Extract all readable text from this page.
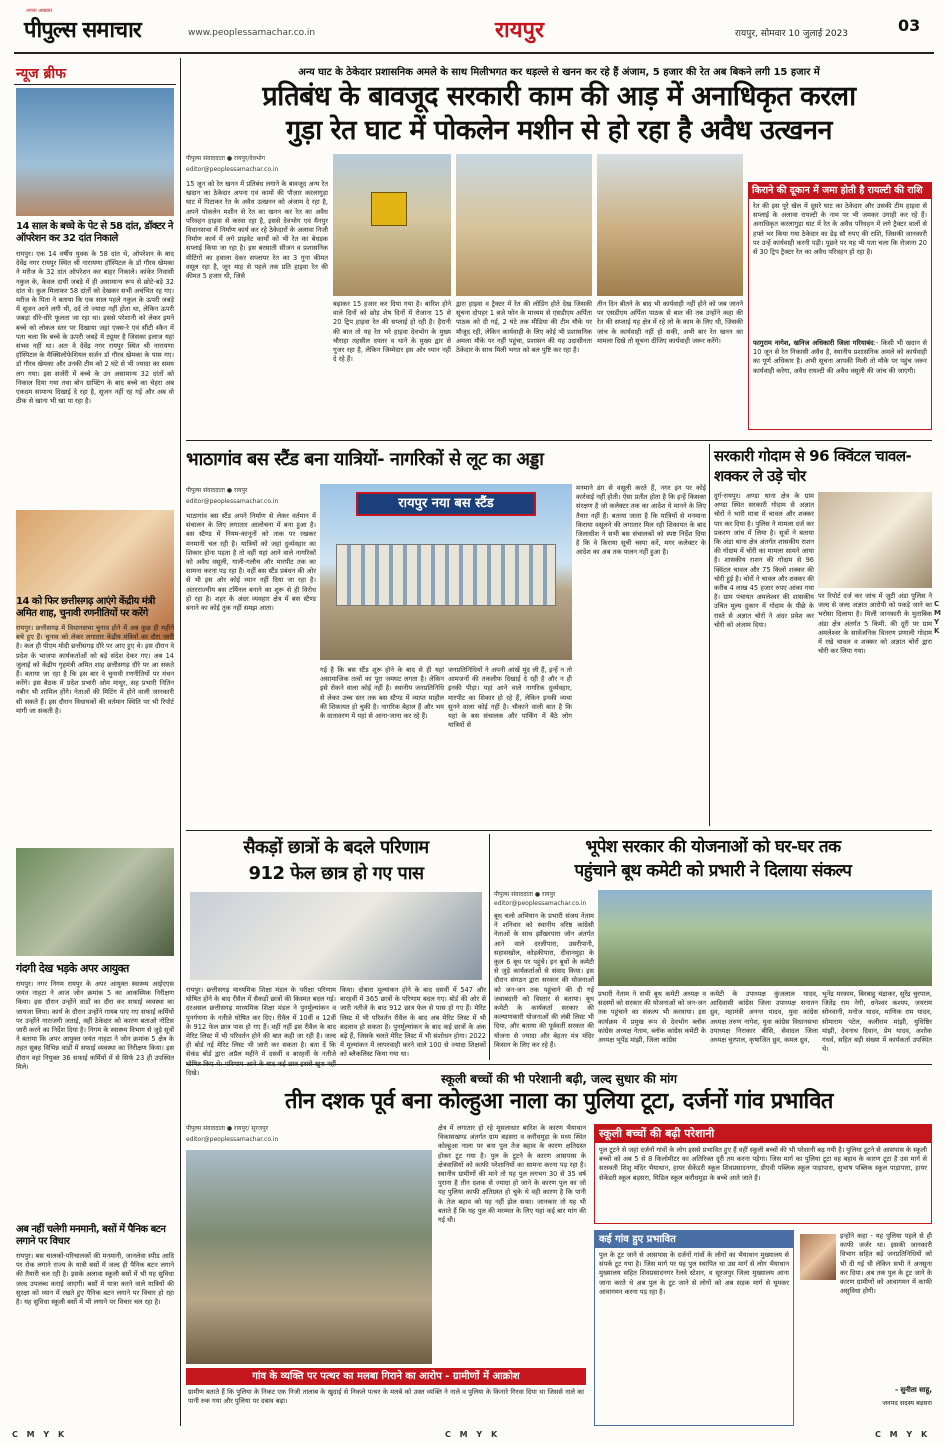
अपना अखबार
पीपुल्स समाचार	www.peoplessamachar.co.in	रायपुर	रायपुर, सोमवार 10 जुलाई 2023	03
न्यूज ब्रीफ
14 साल के बच्चे के पेट से 58 दांत, डॉक्टर ने ऑपरेशन कर 32 दांत निकाले
रायपुर। एक 14 वर्षीय युवक के 58 दांत थे, ऑपरेशन के बाद देवेंद्र नगर रायपुर स्थित श्री नारायणा हॉस्पिटल के डॉ गौरव खेमका ने मरीज के 32 दांत ऑपरेशन कर बाहर निकाले। कांकेर निवासी नकुल के, केवल दायीं जबड़े में ही असामान्य रूप से छोटे-बड़े 32 दांत थे। कुल मिलाकर 58 दांतों को देखकर सभी अचंभित रह गए। मरीज के पिता ने बताया कि एक साल पहले नकुल के ऊपरी जबड़े में सूजन आने लगी थी, दर्द तो ज्यादा नहीं होता था, लेकिन ऊपरी जबड़ा धीरे-धीरे फूलता जा रहा था। इससे परेशानी को लेकर इमने बच्चे को लोकल स्तर पर दिखाया जहां एक्स-रे एवं सीटी स्कैन में पता चला कि बच्चे के ऊपरी जबड़े में ट्यूमर है जिसका इलाज यहां संभव नहीं था। अतः वे देवेंद्र नगर रायपुर स्थित श्री नारायणा हॉस्पिटल के मैक्सिलोफेशियल सर्जन डॉ गौरव खेमका के पास गए। डॉ गौरव खेमका और उनकी टीम को 2 घंटे से भी ज्यादा का समय लग गया। इस सर्जरी में बच्चे के उन असामान्य 32 दांतों को निकाल दिया गया तथा बोन ग्राफ्टिंग के बाद बच्चे का चेहरा अब एकदम सामान्य दिखाई दे रहा है, सूजन नहीं रह गई और अब वो ठीक से खाना भी खा पा रहा है।
14 को फिर छत्तीसगढ़ आएंगे केंद्रीय मंत्री अमित शाह, चुनावी रणनीतियों पर करेंगे
रायपुर। छत्तीसगढ़ में विधानसभा चुनाव होने में अब कुछ ही महीने बचे हुए हैं। चुनाव को लेकर लगातार केंद्रीय मंत्रियों का दौरा जारी है। कल ही पीएम मोदी छत्तीसगढ़ दौरे पर आए हुए थे। इस दौरान वे प्रदेश के भाजपा कार्यकर्ताओं को बड़े संदेश देकर गए। अब 14 जुलाई को केंद्रीय गृहमंत्री अमित शाह छत्तीसगढ़ दौरे पर आ सकते हैं। बताया जा रहा है कि इस बार वे चुनावी रणनीतियों पर मंथन करेंगे। इस बैठक में प्रदेश प्रभारी ओम माथुर, सह प्रभारी नितिन नबीन भी शामिल होंगे। नेताओं की मिटिंग में होने वाली जानकारी सी सकते हैं। इस दौरान विधायकों की वर्तमान स्थिति पर भी रिपोर्ट मांगी जा सकती है।
गंदगी देख भड़के अपर आयुक्त
रायपुर। नगर निगम रायपुर के अपर आयुक्त स्वास्थ्य आईएएस जयंत नाहटा ने आज जोन क्रमांक 5 का आकस्मिक निरीक्षण किया। इस दौरान उन्होंने वार्डों का दौरा कर सफाई व्यवस्था का जायजा लिया। कार्य के दौरान उन्होंने गायब पाए गए सफाई कर्मियों पर उन्होंने नाराजगी जताई, वहीं ठेकेदार को कारण बताओ नोटिस जारी करने का निर्देश दिया है। निगम के स्वास्थ्य विभाग से जुड़े सूत्रों ने बताया कि अपर आयुक्त जयंत नाहटा ने जोन क्रमांक 5 क्षेत्र के तहत सुबह विभिन्न वार्डों में सफाई व्यवस्था का निरीक्षण किया। इस दौरान वहां नियुक्त 36 सफाई कर्मियों में से सिर्फ 23 ही उपस्थित मिले।
अब नहीं चलेगी मनमानी, बसों में पैनिक बटन लगाने पर विचार
रायपुर। बस चालकों-परिचालकों की मनमानी, जानलेवा स्पीड आदि पर रोक लगाने राज्य के यात्री बसों में जल्द ही पैनिक बटन लगाने की तैयारी चल रही है। इसके अलावा स्कूली बसों में भी यह सुविधा जल्द उपलब्ध कराई जाएगी। बसों में यात्रा करने वाले यात्रियों की सुरक्षा को ध्यान में रखते हुए पैनिक बटन लगाने पर विचार हो रहा है। यह सुविधा स्कूली बसों में भी लगाने पर विचार चल रहा है।
अन्य घाट के ठेकेदार प्रशासनिक अमले के साथ मिलीभगत कर धड़ल्ले से खनन कर रहे हैं अंजाम, 5 हजार की रेत अब बिकने लगी 15 हजार में
प्रतिबंध के बावजूद सरकारी काम की आड़ में अनाधिकृत करला
गुड़ा रेत घाट में पोकलेन मशीन से हो रहा है अवैध उत्खनन
पीपुल्स संवाददाता ● रायपुर/देवभोग
editor@peoplessamachar.co.in
15 जून को रेत खनन में प्रतिबंध लगाने के बावजूद अन्य रेत खदान का ठेकेदार अपना एवं कामों की पौज़ार करलागुड़ा घाट में पिटाकर रेत के अवैध उत्खनन को अंजाम दे रहा है, अपने पोकलेन मशीन से रेत का खनन कर रेत का अवैध परिवहन हाइवा से करवा रहा है, इससे देवभोग एवं मैनपुर विधानसभा में निर्माण कार्य कर रहे ठेकेदारों के अलावा निजी निर्माण कार्य में लगे प्राइवेट कार्यों को भी रेत का बेधड़क सप्लाई किया जा रहा है। इस बरसाती सीजन व प्रशासनिक मीटिंगों का हवाला देकर सप्लायर रेत का 3 गुना कीमत वसूल रहा है, जून माह से पहले तक प्रति हाइवा रेत की कीमत 5 हजार थी, जिसे
बढ़ाकर 15 हजार कर दिया गया है। बारिश होने वाले दिनों को छोड़ शेष दिनों में रोजाना 15 से 20 ट्रिप हाइवा रेत की सप्लाई हो रही है। हैरानी की बात तो यह रेत भरे हाइवा देवभोग के मुख्य चौराहा तहसील दफ्तर व थाने के मुख्य द्वार से गुजर रहा है, लेकिन जिम्मेदार इस ओर ध्यान नहीं दे रहे हैं।
द्वारा हाइवा व ट्रैक्टर में रेत की लोडिंग होते देख जिसकी सूचना दोपहर 1 बजे फोन के माध्यम से एसडीएम अर्पिता पाठक को दी गई, 2 घंटे तक मीडिया की टीम मौके पर मौजूद रही, लेकिन कार्यवाही के लिए कोई भी प्रशासनिक अमला मौके पर नहीं पहुंचा, प्रशासन की यह उदासीनता ठेकेदार के साथ मिली भगत को बल पुष्टि कर रहा है।
तीन दिन बीतने के बाद भी कार्यवाही नहीं होने को जब जानने पर एसडीएम अर्पिता पाठक से बात की तब उन्होंने कहा की रेत की सप्लाई यह क्षेत्र में रहे लो के काम के लिए थी, जिसकी जांच के कार्यवाही नहीं हो सकी, अभी बार रेत खनन का मामला दिखे तो सूचना दीजिए कार्यवाही जरूर करेंगे।
किराने की दूकान में जमा होती है रायल्टी की राशि
रेत की इस पूरे खेल में दूसरे घाट का ठेकेदार और उसकी टीम हाइवा से सप्लाई के अलावा रायल्टी के नाम पर भी जमकर उगाही कर रहे हैं। अनाधिकृत करलागुड़ा घाट में रेत के अवैध परिवहन में लगे ट्रैक्टर वालों से हफ्ते भर किया गया ठेकेदार का डेढ़ सौ रुपए की राशि, जिसकी जानकारी पर उन्हें कार्यवाही करनी पड़ी। पूछने पर यह भी पता चला कि रोजाना 20 से 30 ट्रिप ट्रैक्टर रेत का अवैध परिवहन हो रहा है।
फागुराम नागेश, खनिज अधिकारी जिला गरियाबंद:- किसी भी खदान से 10 जून से रेत निकासी अवैध है, स्थानीय प्रशासनिक अमले को कार्यवाही का पूर्ण अधिकार है। अभी सूचना आपकी मिली तो मौके पर पहुंच जरूर कार्यवाही करेगा, अवैध रायल्टी की अवैध वसूली की जांच की जाएगी।
भाठागांव बस स्टैंड बना यात्रियों- नागरिकों से लूट का अड्डा
पीपुल्स संवाददाता ● रायपुर
editor@peoplessamachar.co.in
भाठागांव बस स्टैंड अपने निर्माण से लेकर वर्तमान में संचालन के लिए लगातार आलोचना में बना हुआ है। बस स्टैण्ड में नियम-कानूनों को ताक पर रखकर मनमानी चल रही है। यात्रियों को जहां दुर्व्यवहार का शिकार होना पड़ता है तो वहीं यहां आने वाले नागरिकों को अवैध वसूली, गाली-गलौच और मारपीट तक का सामना करना पड़ रहा है। वहीं बस स्टैंड प्रबंधन की ओर से भी इस ओर कोई ध्यान नहीं दिया जा रहा है। अंतरराज्यीय बस टर्मिनल बनाने का शुरू से ही विरोध हो रहा है। शहर के अंदर व्यवहार क्षेत्र में बस स्टैण्ड बनाने का कोई तुक नहीं समझ आता।
रायपुर नया बस स्टैंड
गई है कि बस स्टैंड शुरू होने के बाद से ही यहां असामाजिक तत्वों का पूरा जमघट लगता है। लेकिन इसे रोकने वाला कोई नहीं है। स्थानीय जनप्रतिनिधि से लेकर उच्च स्तर तक बस स्टैण्ड में व्याप्त माहौल की शिकायत हो चुकी है। नागरिक बेहाल हैं और भय के वातावरण में यहां से आना-जाना कर रहे हैं।
जनप्रतिनिधियों ने अपनी आंखें मूंद ली हैं, इन्हें न तो आमजनों की तकलीफ दिखाई दे रही है और न ही इनकी पीड़ा। यहां आने वाले नागरिक दुर्व्यवहार, मारपीट का शिकार हो रहे हैं, लेकिन इनकी व्यथा सुनने वाला कोई नहीं है। चौकाने वाली बात है कि यहां के बस संचालक और पार्किंग में बैठे लोग यात्रियों से
मनमाने ढंग से वसूली करते हैं, नगर इन पर कोई कार्रवाई नहीं होती। ऐसा प्रतीत होता है कि इन्हें किसका संरक्षण है जो कलेक्टर तक का आदेश ये मानने के लिए तैयार नहीं हैं। बताया जाता है कि यात्रियों से मनमाना किराया वसूलने की लगातार मिल रही शिकायत के बाद जिलाधीश ने सभी बस संचालकों को स्पष्ट निर्देश दिया है कि वे किराया सूची चस्पा करें, मगर कलेक्टर के आदेश का अब तक पालन नहीं हुआ है।
सरकारी गोदाम से 96 क्विंटल चावल-शक्कर ले उड़े चोर
दुर्ग-रायपुर। अण्डा थाना क्षेत्र के ग्राम अण्डा स्थित सरकारी गोदाम से अज्ञात चोरों ने भारी मात्रा में चावल और शक्कर पार कर दिया है। पुलिस ने मामला दर्ज कर प्रकरण जांच में लिया है। सूत्रों ने बताया कि अंडा थाना क्षेत्र अंतर्गत शासकीय राशन की गोदाम में चोरी का मामला सामने आया है। शासकीय राशन की गोदाम से 96 क्विंटल चावल और 75 किलो शक्कर की चोरी हुई है। चोरों ने चावल और शक्कर की करीब 4 लाख 45 हजार रुपए आंका गया है। ग्राम पंचायत अमलेश्वर की शासकीय उचित मूल्य दुकान में गोदाम के पीछे के रास्ते से अज्ञात चोरों ने अंदर प्रवेश कर चोरी को अंजाम दिया।
पर रिपोर्ट दर्ज कर जांच में जुटी अंडा पुलिस ने जल्द से जल्द अज्ञात आरोपी को पकड़े जाने का भरोसा दिलाया है। मिली जानकारी के मुताबिक अंडा क्षेत्र अंतर्गत 5 किमी. की दूरी पर ग्राम अमलेश्वर के सार्वजनिक वितरण प्रणाली गोदाम में रखे चावल व शक्कर को अज्ञात चोरों द्वारा चोरी कर लिया गया।
सैकड़ों छात्रों के बदले परिणाम
912 फेल छात्र हो गए पास
रायपुर। छत्तीसगढ़ माध्यमिक शिक्षा मंडल के परीक्षा परिणाम घोषित होने के बाद रीवैल में सैकड़ों छात्रों की किस्मत बदल गई। दरअसल छत्तीसगढ़ माध्यमिक शिक्षा मंडल ने पुनर्मूल्यांकन व पुनर्गणना के नतीजे घोषित कर दिए। रीवैल में 10वीं व 12वीं के 912 फेल छात्र पास हो गए हैं। वहीं नहीं इस रीवैल के बाद मेरिट लिस्ट में भी परिवर्तन होने की बात कही जा रही है। जल्द ही बोर्ड नई मेरिट लिस्ट भी जारी कर सकता है। बता दें कि सेकंड बोर्ड द्वारा अप्रैल महीने में दसवीं व बारहवीं के नतीजे दिखे।
किया। दोबारा मूल्यांकन होने के बाद दसवीं में 547 और बारहवीं में 365 छात्रों के परिणाम बदल गए। बोर्ड की ओर से जारी नतीजे के बाद 912 छात्र फेल से पास हो गए हैं। मेरिट लिस्ट में भी परिवर्तन रीवैल के बाद अब मेरिट लिस्ट में भी बदलाव हो सकता है। पुनर्मूल्यांकन के बाद कई छात्रों के अंक बढ़े हैं, जिसके चलते मेरिट लिस्ट में भी संशोधन होगा। 2022 में मूल्यांकन में लापरवाही करने वाले 100 से ज्यादा शिक्षकों को ब्लैकलिस्ट किया गया था।
भूपेश सरकार की योजनाओं को घर-घर तक
पहुंचाने बूथ कमेटी को प्रभारी ने दिलाया संकल्प
पीपुल्स संवाददाता ● रायपुर
editor@peoplessamachar.co.in
बूथ चलो अभियान के प्रभारी संजय नेताम ने शनिवार को स्थानीय वरिष्ठ कांग्रेसी नेताओं के साथ झाँखरपारा जोन अंतर्गत आने वाले दरलीपारा, उसरीपानी, सहासखोल, कोड़कीपारा, दीवानमुड़ा के कुल 6 बूथ पर पहुंचे। इन बूथों के कमेटी से जुड़े कार्यकर्ताओं से संवाद किया। इस दौरान संगठन द्वारा सरकार की योजनाओं को जन-जन तक पहुंचाने की दी गई जवाबदारी को विस्तार से बताया। बूथ कमेटी के कार्यकर्ता सरकार की कल्याणकारी योजनाओं की लंबी लिस्ट भी दिया, और बताया की पूर्ववर्ती सरकार की योजना से ज्यादा और बेहतर मंत्र मंदिर किसान के लिए कर रहे हैं।
प्रभारी नेताम ने सभी बूथ कमेटी अध्यक्ष व सदस्यों को सरकार की योजनाओं को जन-जन तक पहुंचाने का संकल्प भी करवाया। इस कार्यक्रम में प्रमुख रूप से देवभोग ब्लॉक कांग्रेस अध्यक्ष नेताम, ब्लॉक कांग्रेस कमेटी के अध्यक्ष भूपेंद्र मांझी, जिला कांग्रेस
कमेटी के उपाध्यक्ष कुंजलाल यादव, आदिवासी कांग्रेस जिला उपाध्यक्ष सनातन ध्रुव, महामंत्री अनन्त यादव, युवा कांग्रेस अध्यक्ष तरुण नागेश, युवा कांग्रेस विधानसभा उपाध्यक्ष निराकार बीसि, सेवादल जिला अध्यक्ष चुरपाल, कृषाजित ध्रुव, कमल ध्रुव,
भुनेंद्र मरकाम, बिरबाहु चंद्राकर, सुरेंद्र चुरपाल, जितेंद्र राम नेगी, धनेश्वर कश्यप, जयराम सोनवानी, मनोज यादव, माणिक राम यादव, सोमाराम पटेल, कलीराम मांझी, युधिष्ठिर मांझी, देवनाथ दिवान, प्रेम यादव, अशोक गंधर्व, सहित बड़ी संख्या में कार्यकर्ता उपस्थित थे।
स्कूली बच्चों की भी परेशानी बढ़ी, जल्द सुधार की मांग
तीन दशक पूर्व बना कोल्हुआ नाला का पुलिया टूटा, दर्जनों गांव प्रभावित
पीपुल्स संवाददाता ● रायपुर/ सूरजपुर
editor@peoplessamachar.co.in
क्षेत्र में लगातार हो रहे मूसलाधार बारिश के कारण भैयाथान विकासखण्ड अंतर्गत ग्राम बड़सरा व करौंधमुड़ा के मध्य स्थित कोल्हुआ नाला पर बना पुल तेज बहाव के कारण क्षतिग्रस्त होकर टूट गया है। पुल के टूटने के कारण आसपास के क्षेत्रवासियों को काफी परेशानियों का सामना करना पड़ रहा है। स्थानीय ग्रामीणों की माने तो यह पुल लगभग 30 से 35 वर्ष पुराना है तीन दशक से ज्यादा हो जाने के कारण पुल का जो यह पुलिया काफी क्षतिग्रस्त हो चुके थे वही कारण है कि पानी के तेज बहाव को यह नहीं झेल सका। जानकार तो यह भी बताते हैं कि यह पुल की मरम्मत के लिए यहां कई बार मांग की गई थी।
गांव के व्यक्ति पर पत्थर का मलबा गिराने का आरोप - ग्रामीणों में आक्रोश
ग्रामीण बताते हैं कि पुलिया के निकट एक निजी तालाब के खुदाई से निकले पत्थर के मलबे को उक्त व्यक्ति ने नाले व पुलिया के किनारे गिरवा दिया था जिससे नाले का पानी रुक गया और पुलिया पर दबाव बढ़ा।
स्कूली बच्चों की बढ़ी परेशानी
पुल टूटने से जहां दर्जनों गांवों के लोग इससे प्रभावित हुए हैं वहीं स्कूली बच्चों की भी परेशानी बढ़ गयी है। पुलिया टूटने से आसपास के स्कूली बच्चों को अब 5 से 8 किलोमीटर का अतिरिक्त दूरी तय करना पड़ेगा। जिस मार्ग का पुलिया टूटा वह बहाव के कारण टूटा है उस मार्ग से सरस्वती शिशु मंदिर भैयाथान, हायर सेकेंडरी स्कूल शिवप्रसादनगर, डीएवी पब्लिक स्कूल पाड़ापारा, सुभाष पब्लिक स्कूल पाड़ापारा, हायर सेकेंडरी स्कूल बड़सरा, मिडिल स्कूल करौंधमुड़ा के बच्चे आते जाते हैं।
कई गांव हुए प्रभावित
पुल के टूट जाने से आसपास के दर्जनों गांवों के लोगों का भैयाथान मुख्यालय से संपर्क टूट गया है। जिस मार्ग पर यह पुल स्थापित था उस मार्ग से लोग भैयाथान मुख्यालय सहित शिवप्रसादनगर रेलवे स्टेशन, व सूरजपुर जिला मुख्यालय आना जाना करते थे अब पुल के टूट जाने से लोगों को अब सड़क मार्ग से घूमकर आवागमन करना पड़ रहा है।
इन्होंने कहा - यह पुलिया पहले से ही काफी जर्जर था। इसकी जानकारी विभाग सहित बड़े जनप्रतिनिधियों को भी दी गई थी लेकिन सभी ने अनसुना कर दिया। अब तक पुल के टूट जाने के कारण ग्रामीणों को आवागमन में काफी असुविधा होगी।
- सुनीता साहू,
जनपद सदस्य बड़सरा
C M Y K	C M Y K	C M Y K
C M Y K
